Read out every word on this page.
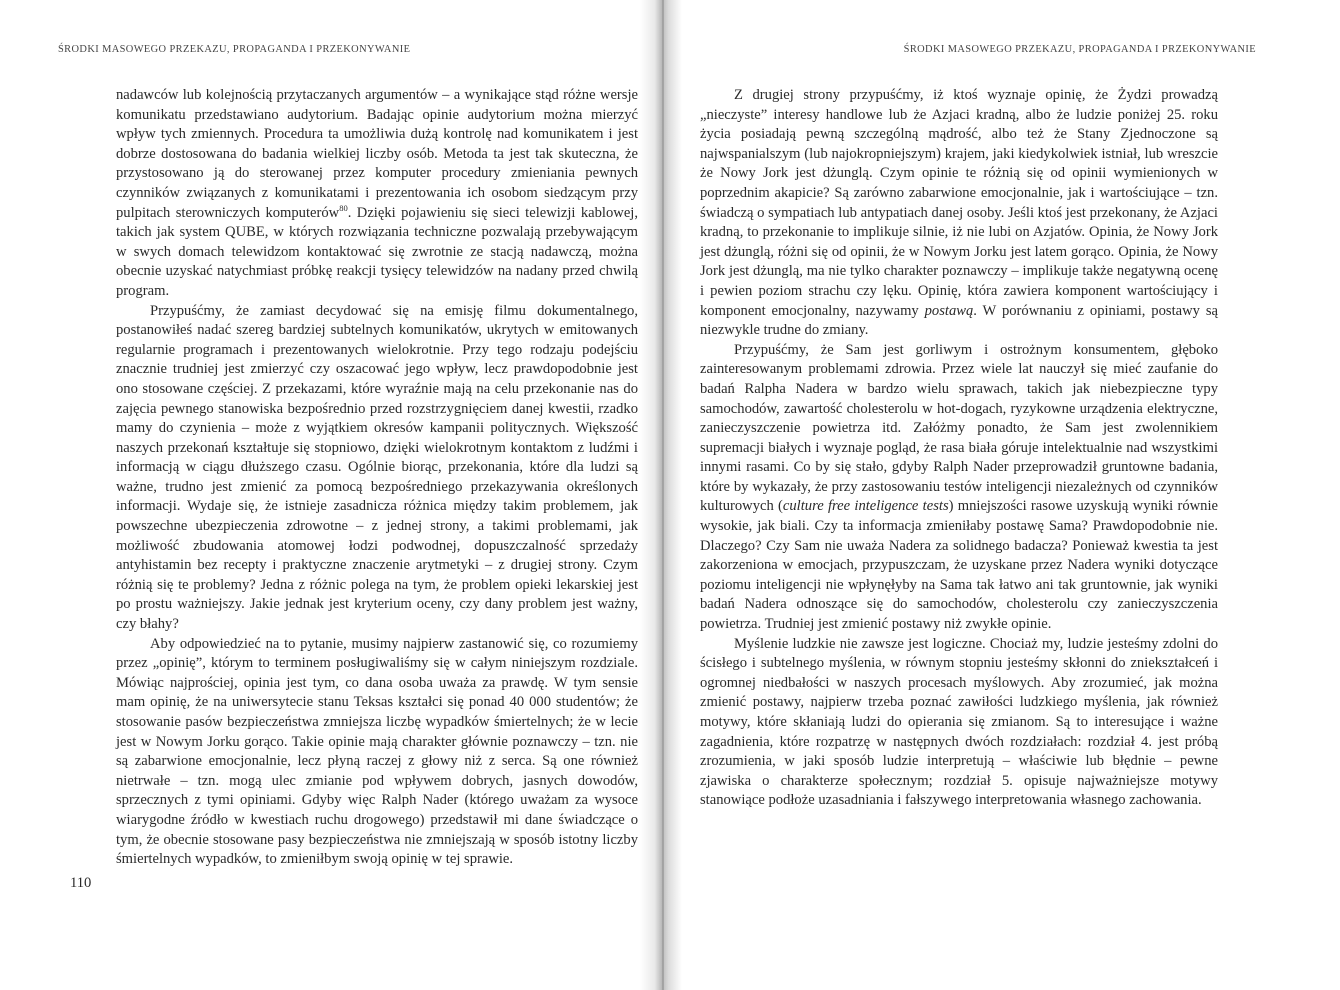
ŚRODKI MASOWEGO PRZEKAZU, PROPAGANDA I PRZEKONYWANIE

nadawców lub kolejnością przytaczanych argumentów – a wynikające stąd różne wersje komunikatu przedstawiano audytorium. Badając opinie audytorium można mierzyć wpływ tych zmiennych. Procedura ta umożliwia dużą kontrolę nad komunikatem i jest dobrze dostosowana do badania wielkiej liczby osób. Metoda ta jest tak skuteczna, że przystosowano ją do sterowanej przez komputer procedury zmieniania pewnych czynników związanych z komunikatami i prezentowania ich osobom siedzącym przy pulpitach sterowniczych komputerów$^{80}$. Dzięki pojawieniu się sieci telewizji kablowej, takich jak system QUBE, w których rozwiązania techniczne pozwalają przebywającym w swych domach telewidzom kontaktować się zwrotnie ze stacją nadawczą, można obecnie uzyskać natychmiast próbkę reakcji tysięcy telewidzów na nadany przed chwilą program.

Przypuśćmy, że zamiast decydować się na emisję filmu dokumentalnego, postanowiłeś nadać szereg bardziej subtelnych komunikatów, ukrytych w emitowanych regularnie programach i prezentowanych wielokrotnie. Przy tego rodzaju podejściu znacznie trudniej jest zmierzyć czy oszacować jego wpływ, lecz prawdopodobnie jest ono stosowane częściej. Z przekazami, które wyraźnie mają na celu przekonanie nas do zajęcia pewnego stanowiska bezpośrednio przed rozstrzygnięciem danej kwestii, rzadko mamy do czynienia – może z wyjątkiem okresów kampanii politycznych. Większość naszych przekonań kształtuje się stopniowo, dzięki wielokrotnym kontaktom z ludźmi i informacją w ciągu dłuższego czasu. Ogólnie biorąc, przekonania, które dla ludzi są ważne, trudno jest zmienić za pomocą bezpośredniego przekazywania określonych informacji. Wydaje się, że istnieje zasadnicza różnica między takim problemem, jak powszechne ubezpieczenia zdrowotne – z jednej strony, a takimi problemami, jak możliwość zbudowania atomowej łodzi podwodnej, dopuszczalność sprzedaży antyhistamin bez recepty i praktyczne znaczenie arytmetyki – z drugiej strony. Czym różnią się te problemy? Jedna z różnic polega na tym, że problem opieki lekarskiej jest po prostu ważniejszy. Jakie jednak jest kryterium oceny, czy dany problem jest ważny, czy błahy?

Aby odpowiedzieć na to pytanie, musimy najpierw zastanowić się, co rozumiemy przez „opinię”, którym to terminem posługiwaliśmy się w całym niniejszym rozdziale. Mówiąc najprościej, opinia jest tym, co dana osoba uważa za prawdę. W tym sensie mam opinię, że na uniwersytecie stanu Teksas kształci się ponad 40 000 studentów; że stosowanie pasów bezpieczeństwa zmniejsza liczbę wypadków śmiertelnych; że w lecie jest w Nowym Jorku gorąco. Takie opinie mają charakter głównie poznawczy – tzn. nie są zabarwione emocjonalnie, lecz płyną raczej z głowy niż z serca. Są one również nietrwałe – tzn. mogą ulec zmianie pod wpływem dobrych, jasnych dowodów, sprzecznych z tymi opiniami. Gdyby więc Ralph Nader (którego uważam za wysoce wiarygodne źródło w kwestiach ruchu drogowego) przedstawił mi dane świadczące o tym, że obecnie stosowane pasy bezpieczeństwa nie zmniejszają w sposób istotny liczby śmiertelnych wypadków, to zmieniłbym swoją opinię w tej sprawie.

110
ŚRODKI MASOWEGO PRZEKAZU, PROPAGANDA I PRZEKONYWANIE

Z drugiej strony przypuśćmy, iż ktoś wyznaje opinię, że Żydzi prowadzą „nieczyste” interesy handlowe lub że Azjaci kradną, albo że ludzie poniżej 25. roku życia posiadają pewną szczególną mądrość, albo też że Stany Zjednoczone są najwspanialszym (lub najokropniejszym) krajem, jaki kiedykolwiek istniał, lub wreszcie że Nowy Jork jest dżunglą. Czym opinie te różnią się od opinii wymienionych w poprzednim akapicie? Są zarówno zabarwione emocjonalnie, jak i wartościujące – tzn. świadczą o sympatiach lub antypatiach danej osoby. Jeśli ktoś jest przekonany, że Azjaci kradną, to przekonanie to implikuje silnie, iż nie lubi on Azjatów. Opinia, że Nowy Jork jest dżunglą, różni się od opinii, że w Nowym Jorku jest latem gorąco. Opinia, że Nowy Jork jest dżunglą, ma nie tylko charakter poznawczy – implikuje także negatywną ocenę i pewien poziom strachu czy lęku. Opinię, która zawiera komponent wartościujący i komponent emocjonalny, nazywamy postawą. W porównaniu z opiniami, postawy są niezwykle trudne do zmiany.

Przypuśćmy, że Sam jest gorliwym i ostrożnym konsumentem, głęboko zainteresowanym problemami zdrowia. Przez wiele lat nauczył się mieć zaufanie do badań Ralpha Nadera w bardzo wielu sprawach, takich jak niebezpieczne typy samochodów, zawartość cholesterolu w hot-dogach, ryzykowne urządzenia elektryczne, zanieczyszczenie powietrza itd. Załóżmy ponadto, że Sam jest zwolennikiem supremacji białych i wyznaje pogląd, że rasa biała góruje intelektualnie nad wszystkimi innymi rasami. Co by się stało, gdyby Ralph Nader przeprowadził gruntowne badania, które by wykazały, że przy zastosowaniu testów inteligencji niezależnych od czynników kulturowych (culture free inteligence tests) mniejszości rasowe uzyskują wyniki równie wysokie, jak biali. Czy ta informacja zmieniłaby postawę Sama? Prawdopodobnie nie. Dlaczego? Czy Sam nie uważa Nadera za solidnego badacza? Ponieważ kwestia ta jest zakorzeniona w emocjach, przypuszczam, że uzyskane przez Nadera wyniki dotyczące poziomu inteligencji nie wpłynęłyby na Sama tak łatwo ani tak gruntownie, jak wyniki badań Nadera odnoszące się do samochodów, cholesterolu czy zanieczyszczenia powietrza. Trudniej jest zmienić postawy niż zwykłe opinie.

Myślenie ludzkie nie zawsze jest logiczne. Chociaż my, ludzie jesteśmy zdolni do ścisłego i subtelnego myślenia, w równym stopniu jesteśmy skłonni do zniekształceń i ogromnej niedbałości w naszych procesach myślowych. Aby zrozumieć, jak można zmienić postawy, najpierw trzeba poznać zawiłości ludzkiego myślenia, jak również motywy, które skłaniają ludzi do opierania się zmianom. Są to interesujące i ważne zagadnienia, które rozpatrzę w następnych dwóch rozdziałach: rozdział 4. jest próbą zrozumienia, w jaki sposób ludzie interpretują – właściwie lub błędnie – pewne zjawiska o charakterze społecznym; rozdział 5. opisuje najważniejsze motywy stanowiące podłoże uzasadniania i fałszywego interpretowania własnego zachowania.
